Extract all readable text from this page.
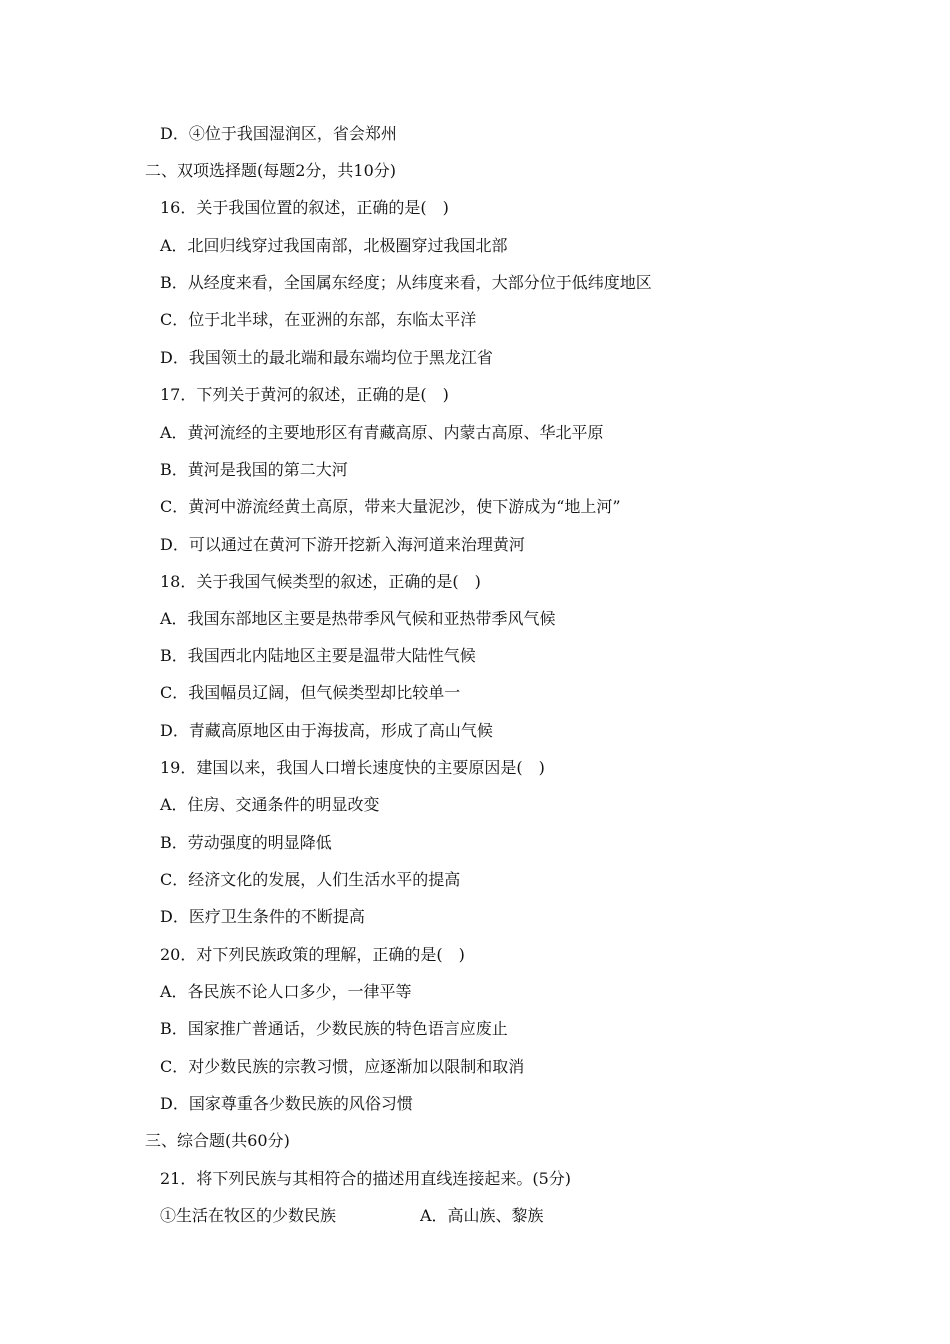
D．④位于我国湿润区，省会郑州
二、双项选择题(每题2分，共10分)
16．关于我国位置的叙述，正确的是(　)
A．北回归线穿过我国南部，北极圈穿过我国北部
B．从经度来看，全国属东经度；从纬度来看，大部分位于低纬度地区
C．位于北半球，在亚洲的东部，东临太平洋
D．我国领土的最北端和最东端均位于黑龙江省
17．下列关于黄河的叙述，正确的是(　)
A．黄河流经的主要地形区有青藏高原、内蒙古高原、华北平原
B．黄河是我国的第二大河
C．黄河中游流经黄土高原，带来大量泥沙，使下游成为“地上河”
D．可以通过在黄河下游开挖新入海河道来治理黄河
18．关于我国气候类型的叙述，正确的是(　)
A．我国东部地区主要是热带季风气候和亚热带季风气候
B．我国西北内陆地区主要是温带大陆性气候
C．我国幅员辽阔，但气候类型却比较单一
D．青藏高原地区由于海拔高，形成了高山气候
19．建国以来，我国人口增长速度快的主要原因是(　)
A．住房、交通条件的明显改变
B．劳动强度的明显降低
C．经济文化的发展，人们生活水平的提高
D．医疗卫生条件的不断提高
20．对下列民族政策的理解，正确的是(　)
A．各民族不论人口多少，一律平等
B．国家推广普通话，少数民族的特色语言应废止
C．对少数民族的宗教习惯，应逐渐加以限制和取消
D．国家尊重各少数民族的风俗习惯
三、综合题(共60分)
21．将下列民族与其相符合的描述用直线连接起来。(5分)
①生活在牧区的少数民族	A．高山族、黎族
